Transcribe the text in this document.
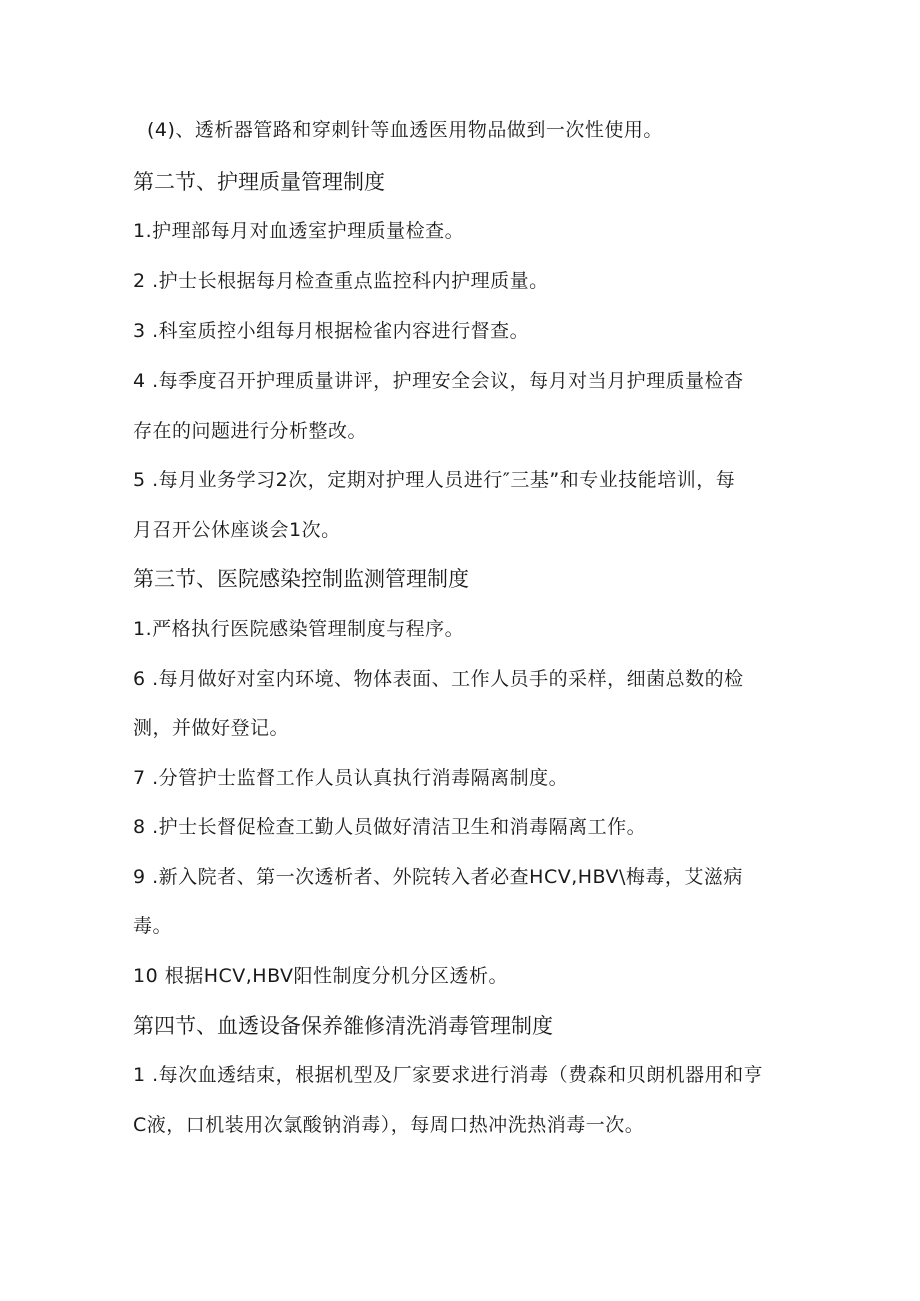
(4)、透析器管路和穿刺针等血透医用物品做到一次性使用。
第二节、护理质量管理制度
1.护理部每月对血透室护理质量检查。
2 .护士长根据每月检查重点监控科内护理质量。
3 .科室质控小组每月根据检雀内容进行督查。
4 .每季度召开护理质量讲评，护理安全会议，每月对当月护理质量检杳
存在的问题进行分析整改。
5 .每月业务学习2次，定期对护理人员进行″三基”和专业技能培训，每
月召开公休座谈会1次。
第三节、医院感染控制监测管理制度
1.严格执行医院感染管理制度与程序。
6 .每月做好对室内环境、物体表面、工作人员手的采样，细菌总数的检
测，并做好登记。
7 .分管护士监督工作人员认真执行消毒隔离制度。
8 .护士长督促检查工勤人员做好清洁卫生和消毒隔离工作。
9 .新入院者、第一次透析者、外院转入者必查HCV,HBV\梅毒，艾滋病
毒。
10 根据HCV,HBV阳性制度分机分区透析。
第四节、血透设备保养雒修清洗消毒管理制度
1 .每次血透结束，根据机型及厂家要求进行消毒（费森和贝朗机器用和亨
C液，口机装用次氯酸钠消毒），每周口热冲洗热消毒一次。
